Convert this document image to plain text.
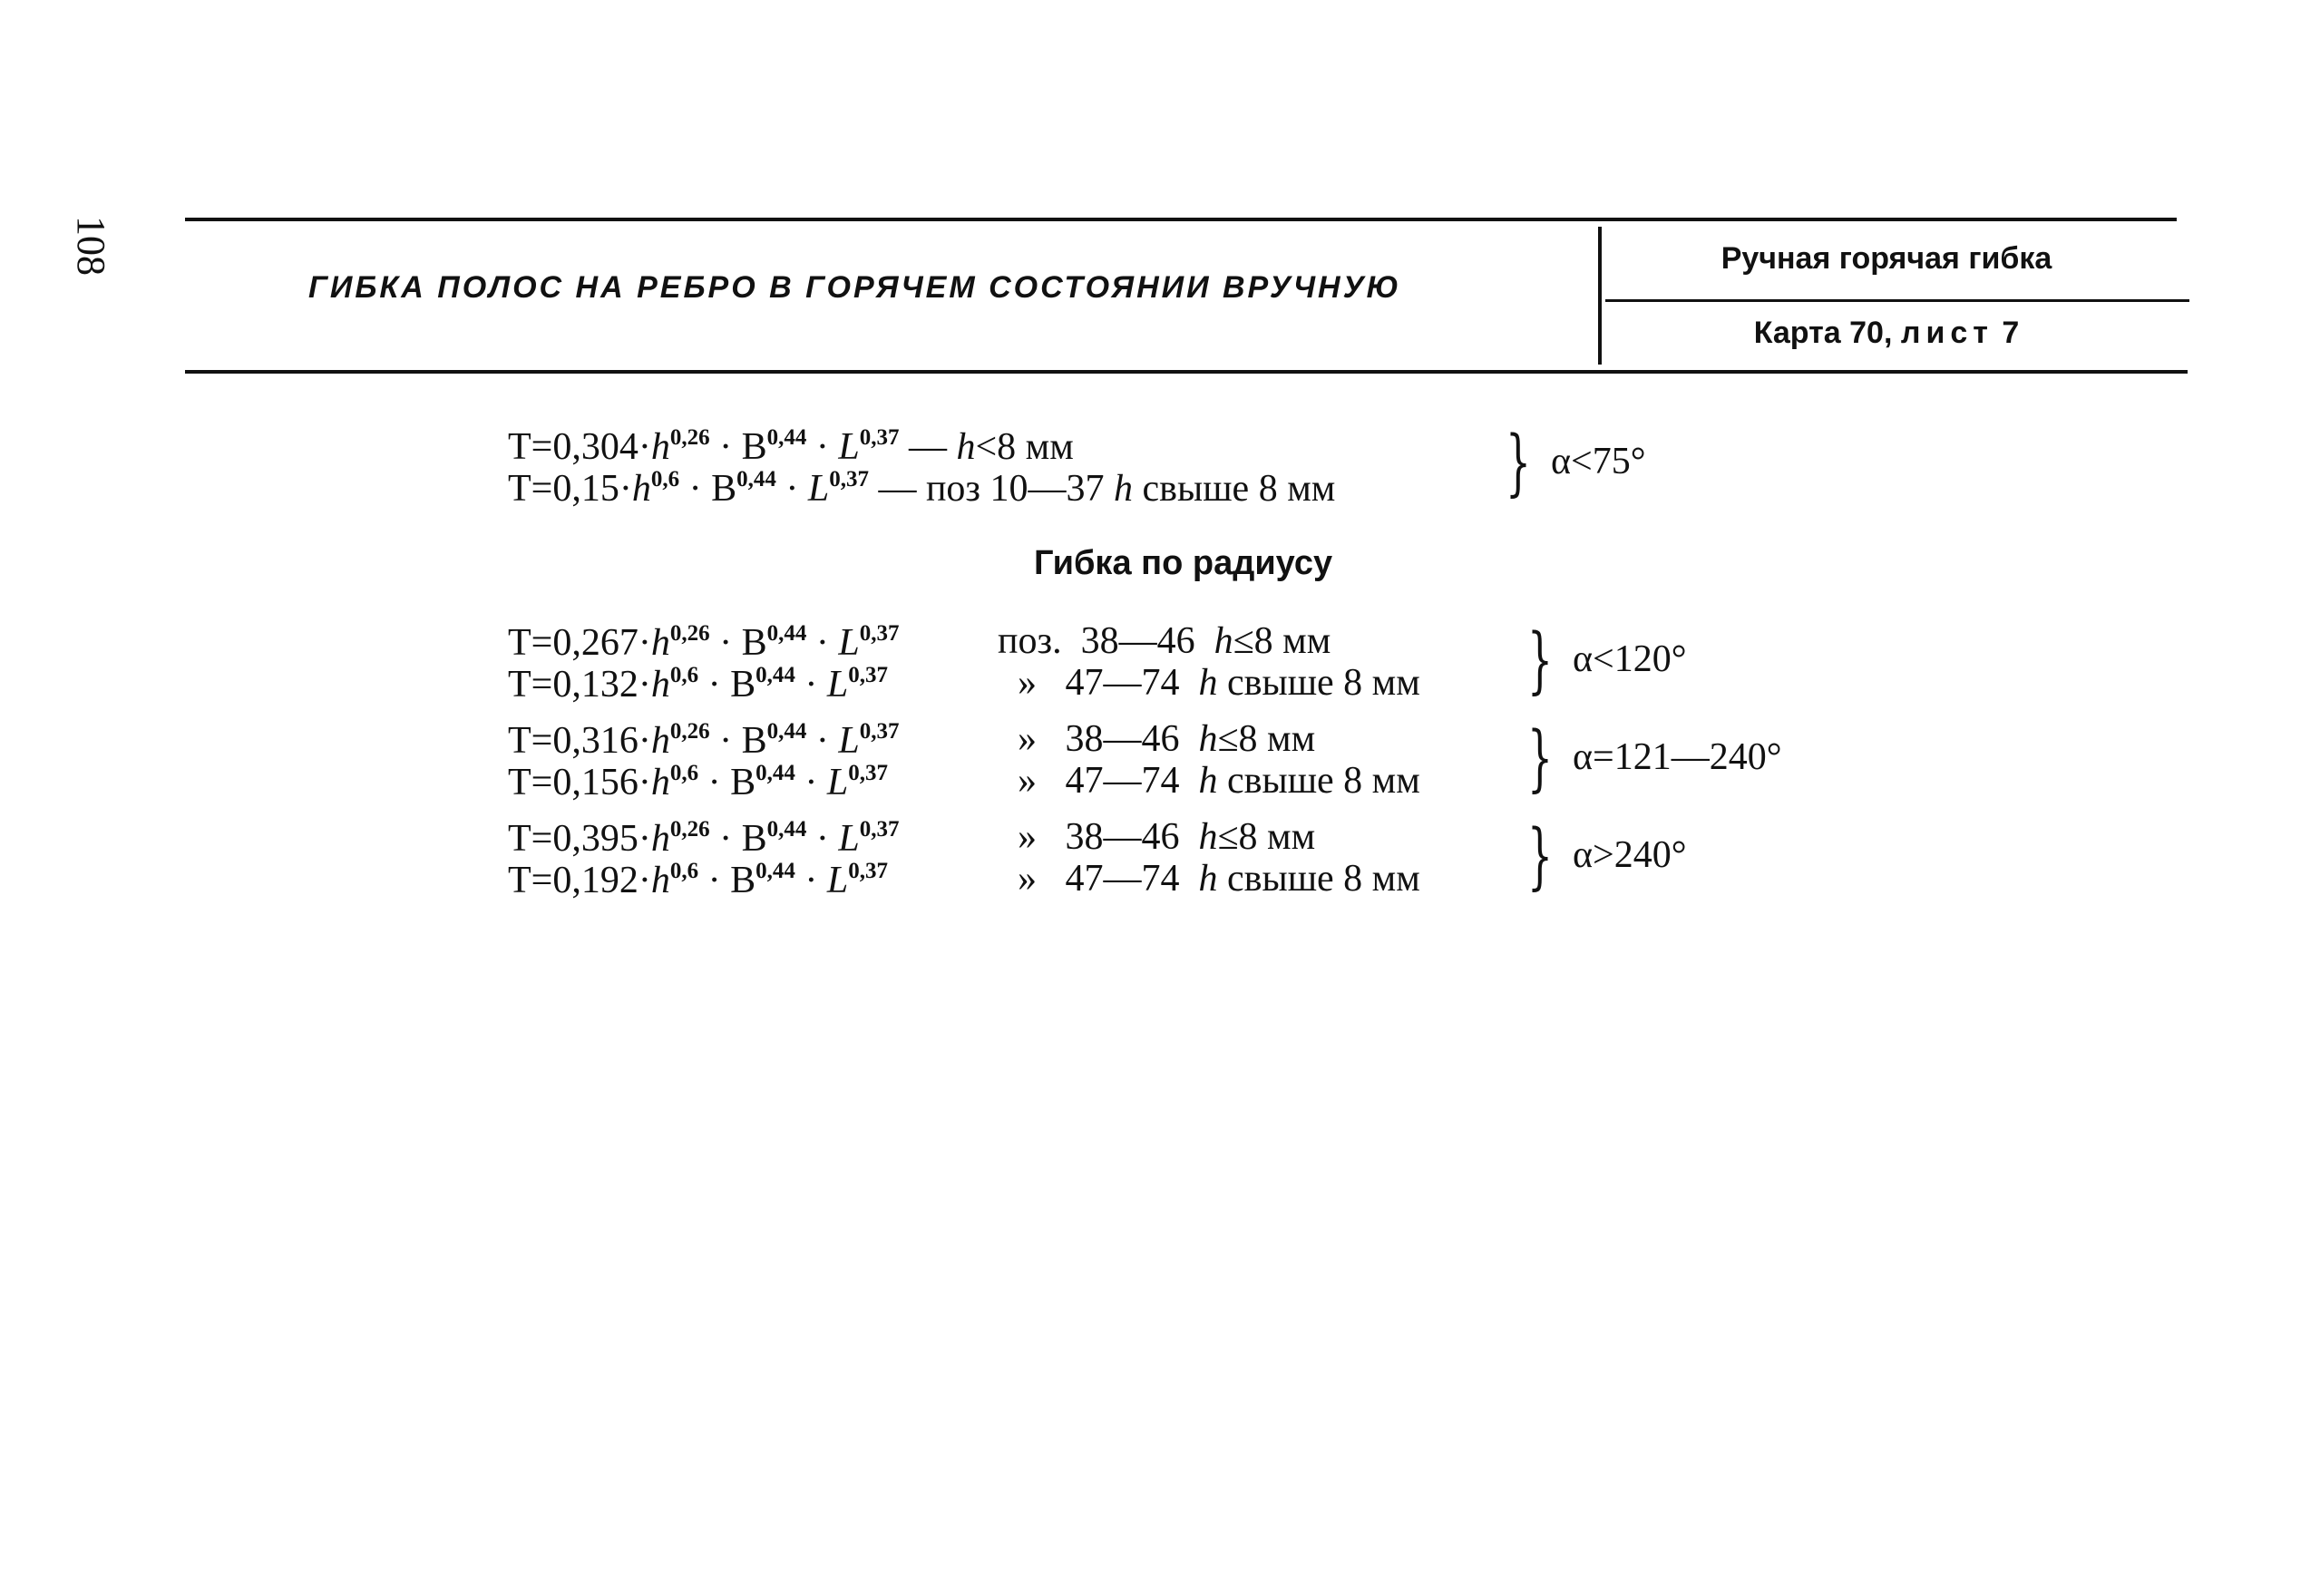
108
ГИБКА ПОЛОС НА РЕБРО В ГОРЯЧЕМ СОСТОЯНИИ ВРУЧНУЮ
Ручная горячая гибка
Карта 70, лист 7
$Т=0,304\cdot h^{0,26} \cdot В^{0,44} \cdot L^{0,37}$ — h<8 мм
$Т=0,15\cdot h^{0,6} \cdot В^{0,44} \cdot L^{0,37}$ — поз 10—37 h свыше 8 мм } α<75°
Гибка по радиусу
$Т=0,267\cdot h^{0,26} \cdot В^{0,44} \cdot L^{0,37}$	поз. 38—46 h≤8 мм
$Т=0,132\cdot h^{0,6} \cdot В^{0,44} \cdot L^{0,37}$	» 47—74 h свыше 8 мм } α<120°
$Т=0,316\cdot h^{0,26} \cdot В^{0,44} \cdot L^{0,37}$	» 38—46 h≤8 мм
$Т=0,156\cdot h^{0,6} \cdot В^{0,44} \cdot L^{0,37}$	» 47—74 h свыше 8 мм } α=121—240°
$Т=0,395\cdot h^{0,26} \cdot В^{0,44} \cdot L^{0,37}$	» 38—46 h≤8 мм
$Т=0,192\cdot h^{0,6} \cdot В^{0,44} \cdot L^{0,37}$	» 47—74 h свыше 8 мм } α>240°
